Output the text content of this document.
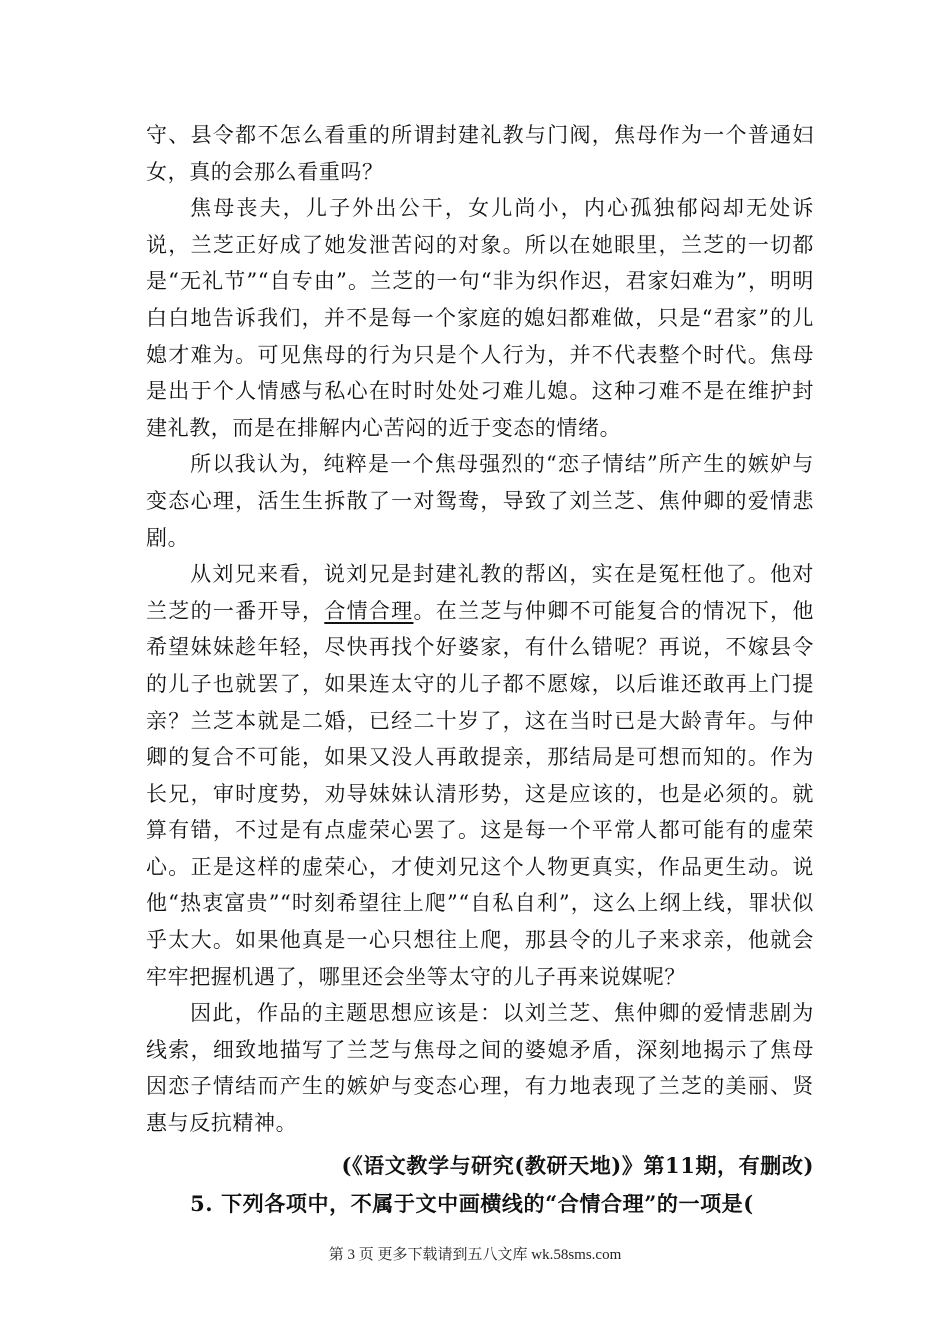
守、县令都不怎么看重的所谓封建礼教与门阀，焦母作为一个普通妇女，真的会那么看重吗？

焦母丧夫，儿子外出公干，女儿尚小，内心孤独郁闷却无处诉说，兰芝正好成了她发泄苦闷的对象。所以在她眼里，兰芝的一切都是“无礼节”“自专由”。兰芝的一句“非为织作迟，君家妇难为”，明明白白地告诉我们，并不是每一个家庭的媳妇都难做，只是“君家”的儿媳才难为。可见焦母的行为只是个人行为，并不代表整个时代。焦母是出于个人情感与私心在时时处处刁难儿媳。这种刁难不是在维护封建礼教，而是在排解内心苦闷的近于变态的情绪。

所以我认为，纯粹是一个焦母强烈的“恋子情结”所产生的嫉妒与变态心理，活生生拆散了一对鸳鸯，导致了刘兰芝、焦仲卿的爱情悲剧。

从刘兄来看，说刘兄是封建礼教的帮凶，实在是冤枉他了。他对兰芝的一番开导，合情合理。在兰芝与仲卿不可能复合的情况下，他希望妹妹趁年轻，尽快再找个好婆家，有什么错呢？再说，不嫁县令的儿子也就罢了，如果连太守的儿子都不愿嫁，以后谁还敢再上门提亲？兰芝本就是二婚，已经二十岁了，这在当时已是大龄青年。与仲卿的复合不可能，如果又没人再敢提亲，那结局是可想而知的。作为长兄，审时度势，劝导妹妹认清形势，这是应该的，也是必须的。就算有错，不过是有点虚荣心罢了。这是每一个平常人都可能有的虚荣心。正是这样的虚荣心，才使刘兄这个人物更真实，作品更生动。说他“热衷富贵”“时刻希望往上爬”“自私自利”，这么上纲上线，罪状似乎太大。如果他真是一心只想往上爬，那县令的儿子来求亲，他就会牢牢把握机遇了，哪里还会坐等太守的儿子再来说媒呢？

因此，作品的主题思想应该是：以刘兰芝、焦仲卿的爱情悲剧为线索，细致地描写了兰芝与焦母之间的婆媳矛盾，深刻地揭示了焦母因恋子情结而产生的嫉妒与变态心理，有力地表现了兰芝的美丽、贤惠与反抗精神。

(《语文教学与研究(教研天地)》第11期，有删改)

5. 下列各项中，不属于文中画横线的“合情合理”的一项是(

第 3 页 更多下载请到五八文库 wk.58sms.com
